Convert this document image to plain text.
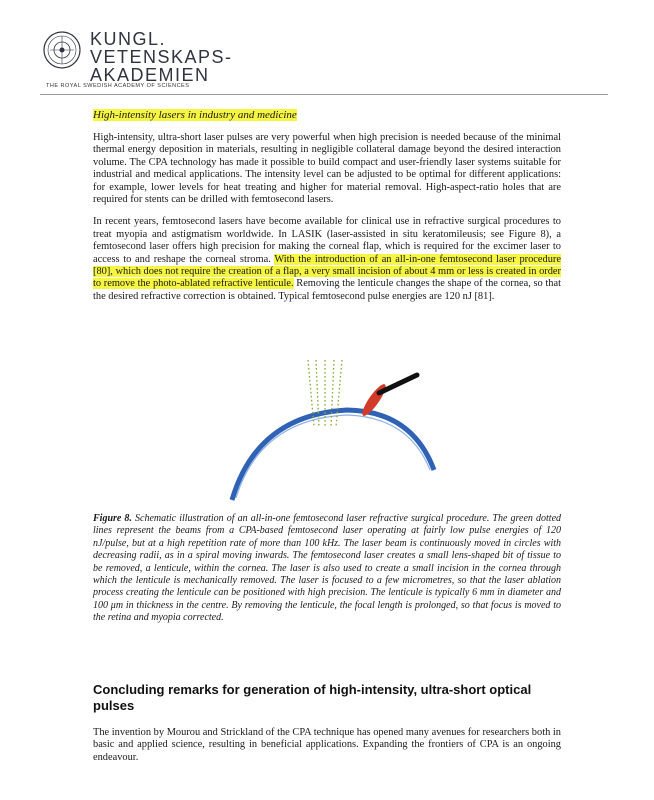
KUNGL.
VETENSKAPS-
AKADEMIEN
THE ROYAL SWEDISH ACADEMY OF SCIENCES
High-intensity lasers in industry and medicine

High-intensity, ultra-short laser pulses are very powerful when high precision is needed because of the minimal thermal energy deposition in materials, resulting in negligible collateral damage beyond the desired interaction volume. The CPA technology has made it possible to build compact and user-friendly laser systems suitable for industrial and medical applications. The intensity level can be adjusted to be optimal for different applications: for example, lower levels for heat treating and higher for material removal. High-aspect-ratio holes that are required for stents can be drilled with femtosecond lasers.

In recent years, femtosecond lasers have become available for clinical use in refractive surgical procedures to treat myopia and astigmatism worldwide. In LASIK (laser-assisted in situ keratomileusis; see Figure 8), a femtosecond laser offers high precision for making the corneal flap, which is required for the excimer laser to access to and reshape the corneal stroma. With the introduction of an all-in-one femtosecond laser procedure [80], which does not require the creation of a flap, a very small incision of about 4 mm or less is created in order to remove the photo-ablated refractive lenticule. Removing the lenticule changes the shape of the cornea, so that the desired refractive correction is obtained. Typical femtosecond pulse energies are 120 nJ [81].

Figure 8. Schematic illustration of an all-in-one femtosecond laser refractive surgical procedure. The green dotted lines represent the beams from a CPA-based femtosecond laser operating at fairly low pulse energies of 120 nJ/pulse, but at a high repetition rate of more than 100 kHz. The laser beam is continuously moved in circles with decreasing radii, as in a spiral moving inwards. The femtosecond laser creates a small lens-shaped bit of tissue to be removed, a lenticule, within the cornea. The laser is also used to create a small incision in the cornea through which the lenticule is mechanically removed. The laser is focused to a few micrometres, so that the laser ablation process creating the lenticule can be positioned with high precision. The lenticule is typically 6 mm in diameter and 100 μm in thickness in the centre. By removing the lenticule, the focal length is prolonged, so that focus is moved to the retina and myopia corrected.
Concluding remarks for generation of high-intensity, ultra-short optical pulses
The invention by Mourou and Strickland of the CPA technique has opened many avenues for researchers both in basic and applied science, resulting in beneficial applications. Expanding the frontiers of CPA is an ongoing endeavour.
